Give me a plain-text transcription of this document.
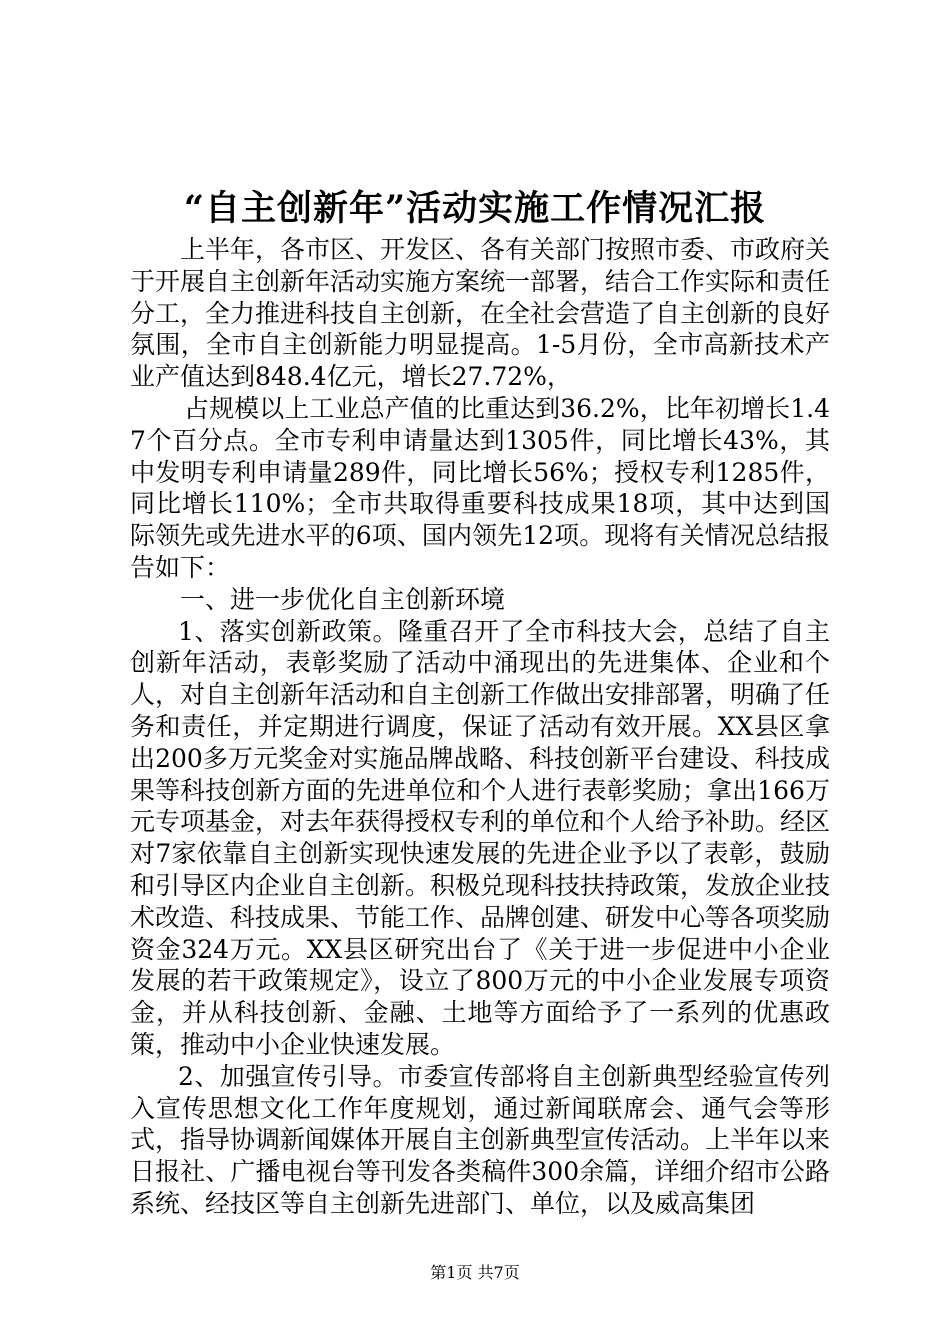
“自主创新年”活动实施工作情况汇报

上半年，各市区、开发区、各有关部门按照市委、市政府关于开展自主创新年活动实施方案统一部署，结合工作实际和责任分工，全力推进科技自主创新，在全社会营造了自主创新的良好氛围，全市自主创新能力明显提高。1-5月份，全市高新技术产业产值达到848.4亿元，增长27.72%，

占规模以上工业总产值的比重达到36.2%，比年初增长1.47个百分点。全市专利申请量达到1305件，同比增长43%，其中发明专利申请量289件，同比增长56%；授权专利1285件，同比增长110%；全市共取得重要科技成果18项，其中达到国际领先或先进水平的6项、国内领先12项。现将有关情况总结报告如下：

一、进一步优化自主创新环境

1、落实创新政策。隆重召开了全市科技大会，总结了自主创新年活动，表彰奖励了活动中涌现出的先进集体、企业和个人，对自主创新年活动和自主创新工作做出安排部署，明确了任务和责任，并定期进行调度，保证了活动有效开展。XX县区拿出200多万元奖金对实施品牌战略、科技创新平台建设、科技成果等科技创新方面的先进单位和个人进行表彰奖励；拿出166万元专项基金，对去年获得授权专利的单位和个人给予补助。经区对7家依靠自主创新实现快速发展的先进企业予以了表彰，鼓励和引导区内企业自主创新。积极兑现科技扶持政策，发放企业技术改造、科技成果、节能工作、品牌创建、研发中心等各项奖励资金324万元。XX县区研究出台了《关于进一步促进中小企业发展的若干政策规定》，设立了800万元的中小企业发展专项资金，并从科技创新、金融、土地等方面给予了一系列的优惠政策，推动中小企业快速发展。

2、加强宣传引导。市委宣传部将自主创新典型经验宣传列入宣传思想文化工作年度规划，通过新闻联席会、通气会等形式，指导协调新闻媒体开展自主创新典型宣传活动。上半年以来日报社、广播电视台等刊发各类稿件300余篇，详细介绍市公路系统、经技区等自主创新先进部门、单位，以及威高集团

第1页 共7页
